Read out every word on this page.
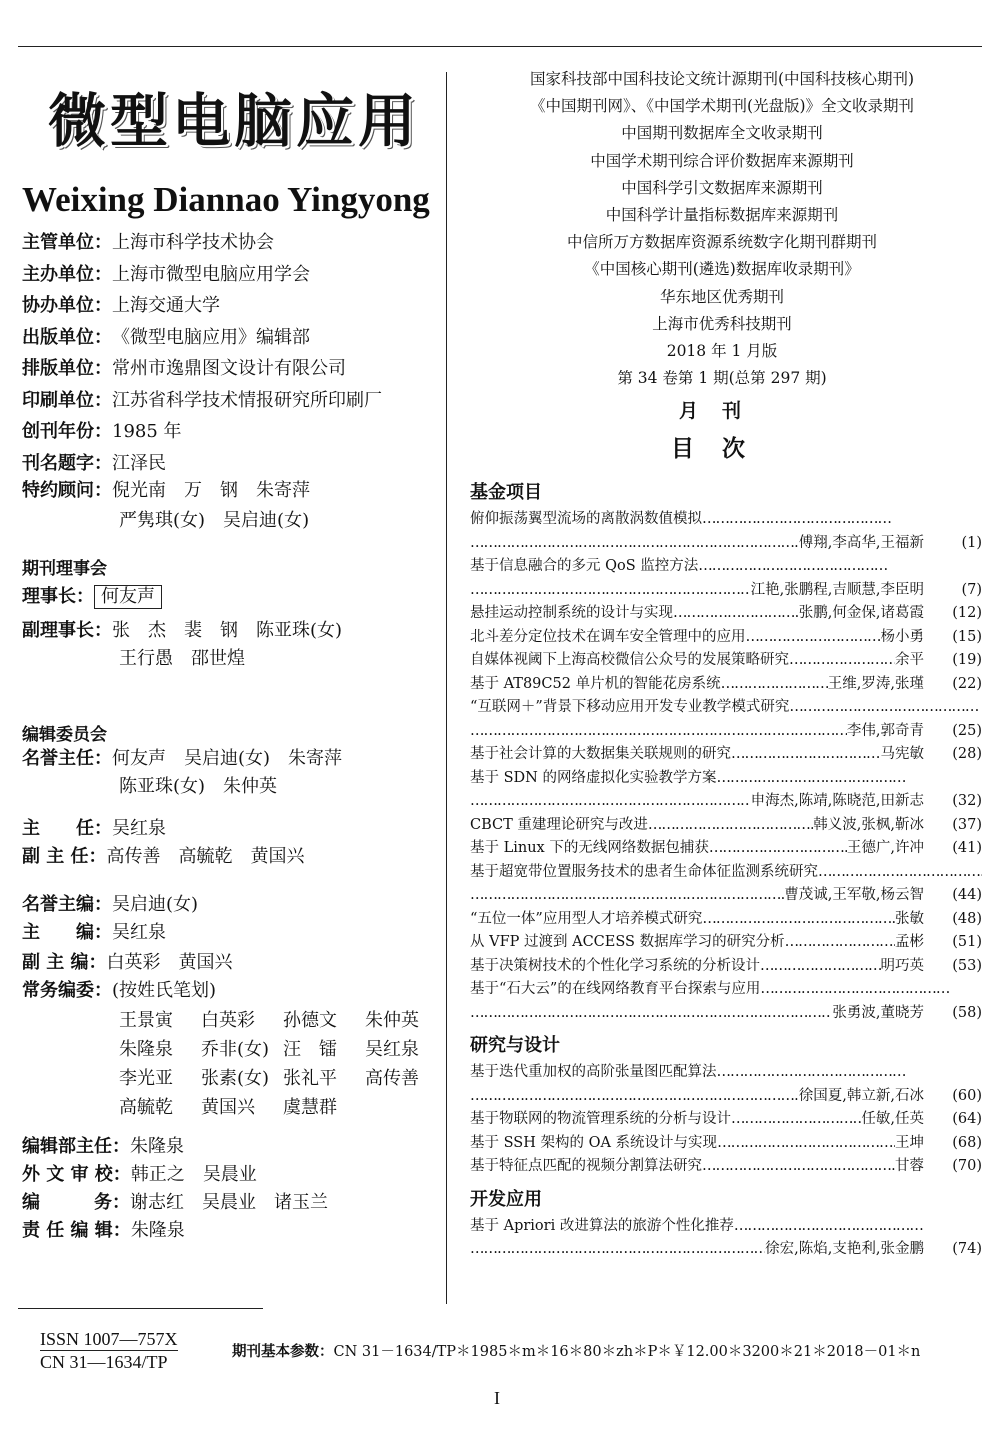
微型电脑应用
Weixing Diannao Yingyong
主管单位：上海市科学技术协会
主办单位：上海市微型电脑应用学会
协办单位：上海交通大学
出版单位：《微型电脑应用》编辑部
排版单位：常州市逸鼎图文设计有限公司
印刷单位：江苏省科学技术情报研究所印刷厂
创刊年份：1985 年
刊名题字：江泽民
特约顾问：倪光南 万　钢 朱寄萍
严隽琪(女) 吴启迪(女)
期刊理事会
理事长： 何友声
副理事长：张　杰 裴　钢 陈亚珠(女)
王行愚 邵世煌
编辑委员会
名誉主任：何友声 吴启迪(女) 朱寄萍
陈亚珠(女) 朱仲英
主　　任：吴红泉
副 主 任：高传善 高毓乾 黄国兴
名誉主编：吴启迪(女)
主　　编：吴红泉
副 主 编：白英彩 黄国兴
常务编委：(按姓氏笔划)
王景寅 白英彩 孙德文 朱仲英
朱隆泉 乔非(女) 汪　镭 吴红泉
李光亚 张素(女) 张礼平 高传善
高毓乾 黄国兴 虞慧群
编辑部主任：朱隆泉
外 文 审 校：韩正之 吴晨业
编　　　务：谢志红 吴晨业 诸玉兰
责 任 编 辑：朱隆泉
ISSN 1007—757X
CN 31—1634/TP	期刊基本参数：CN 31－1634/TP＊1985＊m＊16＊80＊zh＊P＊￥12.00＊3200＊21＊2018－01＊n
I
国家科技部中国科技论文统计源期刊(中国科技核心期刊)
《中国期刊网》、《中国学术期刊(光盘版)》全文收录期刊
中国期刊数据库全文收录期刊
中国学术期刊综合评价数据库来源期刊
中国科学引文数据库来源期刊
中国科学计量指标数据库来源期刊
中信所万方数据库资源系统数字化期刊群期刊
《中国核心期刊(遴选)数据库收录期刊》
华东地区优秀期刊
上海市优秀科技期刊
2018 年 1 月版
第 34 卷第 1 期(总第 297 期)
月刊
目次
基金项目
俯仰振荡翼型流场的离散涡数值模拟
……………………………………………………………………………………………………………
……………………………………………………………………………………………………………
傅翔,李高华,王福新	(1)
基于信息融合的多元 QoS 监控方法
……………………………………………………………………………………………………………
……………………………………………………………………………………………………………
江艳,张鹏程,吉顺慧,李臣明	(7)
悬挂运动控制系统的设计与实现 ……………………………………………………………………………………………………………	张鹏,何金保,诸葛霞	(12)
北斗差分定位技术在调车安全管理中的应用 ……………………………………………………………………………………………………………	杨小勇	(15)
自媒体视阈下上海高校微信公众号的发展策略研究 ……………………………………………………………………………………………………………	余平	(19)
基于 AT89C52 单片机的智能花房系统 ……………………………………………………………………………………………………………	王维,罗涛,张瑾	(22)
“互联网＋”背景下移动应用开发专业教学模式研究
……………………………………………………………………………………………………………
……………………………………………………………………………………………………………
李伟,郭奇青	(25)
基于社会计算的大数据集关联规则的研究 ……………………………………………………………………………………………………………	马宪敏	(28)
基于 SDN 的网络虚拟化实验教学方案
……………………………………………………………………………………………………………
……………………………………………………………………………………………………………
申海杰,陈靖,陈晓范,田新志	(32)
CBCT 重建理论研究与改进 ……………………………………………………………………………………………………………	韩义波,张枫,靳冰	(37)
基于 Linux 下的无线网络数据包捕获 ……………………………………………………………………………………………………………	王德广,许冲	(41)
基于超宽带位置服务技术的患者生命体征监测系统研究
……………………………………………………………………………………………………………
……………………………………………………………………………………………………………
曹茂诚,王军敬,杨云智	(44)
“五位一体”应用型人才培养模式研究 ……………………………………………………………………………………………………………	张敏	(48)
从 VFP 过渡到 ACCESS 数据库学习的研究分析 ……………………………………………………………………………………………………………	孟彬	(51)
基于决策树技术的个性化学习系统的分析设计 ……………………………………………………………………………………………………………	明巧英	(53)
基于“石大云”的在线网络教育平台探索与应用
……………………………………………………………………………………………………………
……………………………………………………………………………………………………………
张勇波,董晓芳	(58)
研究与设计
基于迭代重加权的高阶张量图匹配算法
……………………………………………………………………………………………………………
……………………………………………………………………………………………………………
徐国夏,韩立新,石冰	(60)
基于物联网的物流管理系统的分析与设计 ……………………………………………………………………………………………………………	任敏,任英	(64)
基于 SSH 架构的 OA 系统设计与实现 ……………………………………………………………………………………………………………	王坤	(68)
基于特征点匹配的视频分割算法研究 ……………………………………………………………………………………………………………	甘蓉	(70)
开发应用
基于 Apriori 改进算法的旅游个性化推荐
……………………………………………………………………………………………………………
……………………………………………………………………………………………………………
徐宏,陈焰,支艳利,张金鹏	(74)
